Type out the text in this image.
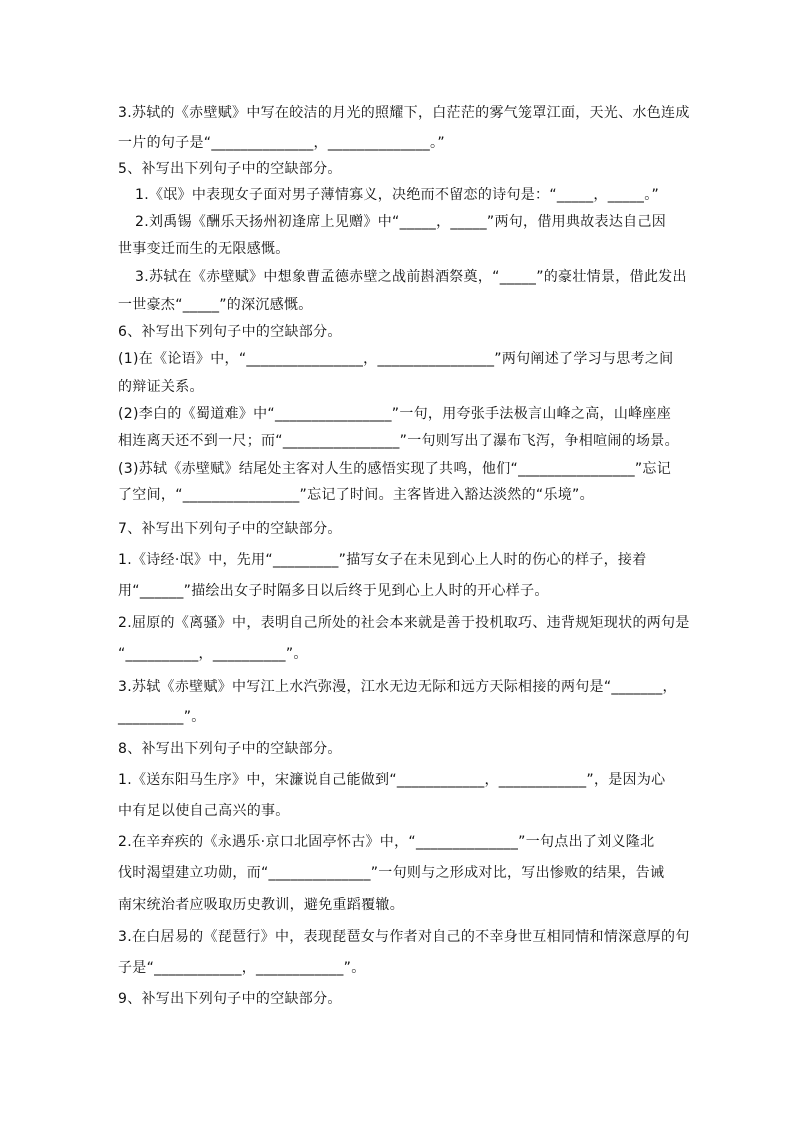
3.苏轼的《赤壁赋》中写在皎洁的月光的照耀下，白茫茫的雾气笼罩江面，天光、水色连成
一片的句子是“______________，______________。”
5、补写出下列句子中的空缺部分。
1.《氓》中表现女子面对男子薄情寡义，决绝而不留恋的诗句是：“_____，_____。”
2.刘禹锡《酬乐天扬州初逢席上见赠》中“_____，_____”两句，借用典故表达自己因
世事变迁而生的无限感慨。
3.苏轼在《赤壁赋》中想象曹孟德赤壁之战前斟酒祭奠，“_____”的豪壮情景，借此发出
一世豪杰“_____”的深沉感慨。
6、补写出下列句子中的空缺部分。
(1)在《论语》中，“________________，________________”两句阐述了学习与思考之间
的辩证关系。
(2)李白的《蜀道难》中“________________”一句，用夸张手法极言山峰之高，山峰座座
相连离天还不到一尺；而“________________”一句则写出了瀑布飞泻，争相喧闹的场景。
(3)苏轼《赤壁赋》结尾处主客对人生的感悟实现了共鸣，他们“________________”忘记
了空间，“________________”忘记了时间。主客皆进入豁达淡然的“乐境”。
7、补写出下列句子中的空缺部分。
1.《诗经·氓》中，先用“_________”描写女子在未见到心上人时的伤心的样子，接着
用“______”描绘出女子时隔多日以后终于见到心上人时的开心样子。
2.屈原的《离骚》中，表明自己所处的社会本来就是善于投机取巧、违背规矩现状的两句是
“__________，__________”。
3.苏轼《赤壁赋》中写江上水汽弥漫，江水无边无际和远方天际相接的两句是“_______，
_________”。
8、补写出下列句子中的空缺部分。
1.《送东阳马生序》中，宋濂说自己能做到“____________，____________”，是因为心
中有足以使自己高兴的事。
2.在辛弃疾的《永遇乐·京口北固亭怀古》中，“______________”一句点出了刘义隆北
伐时渴望建立功勋，而“______________”一句则与之形成对比，写出惨败的结果，告诫
南宋统治者应吸取历史教训，避免重蹈覆辙。
3.在白居易的《琵琶行》中，表现琵琶女与作者对自己的不幸身世互相同情和情深意厚的句
子是“____________，____________”。
9、补写出下列句子中的空缺部分。
